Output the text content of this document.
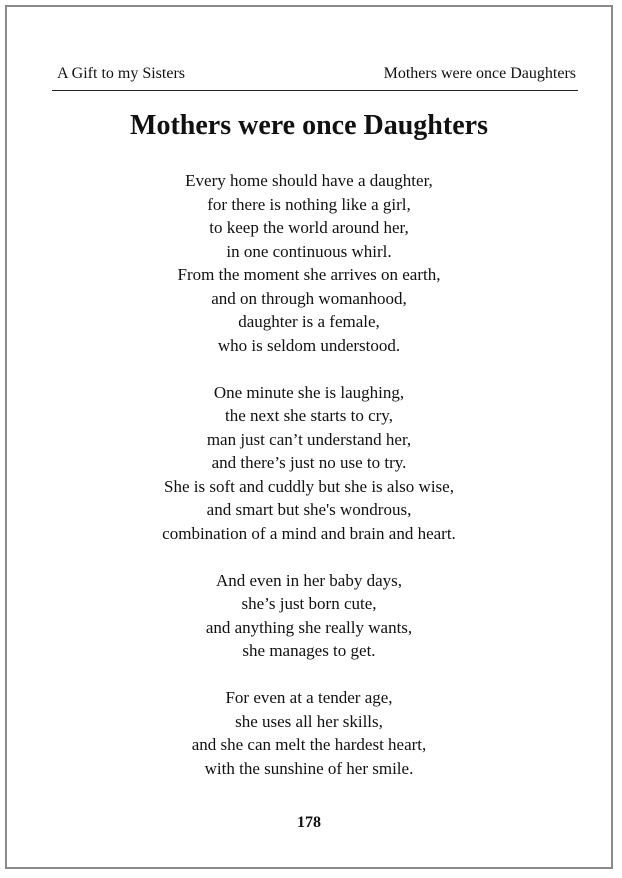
A Gift to my Sisters	Mothers were once Daughters
Mothers were once Daughters
Every home should have a daughter,
for there is nothing like a girl,
to keep the world around her,
in one continuous whirl.
From the moment she arrives on earth,
and on through womanhood,
daughter is a female,
who is seldom understood.
One minute she is laughing,
the next she starts to cry,
man just can’t understand her,
and there’s just no use to try.
She is soft and cuddly but she is also wise,
and smart but she's wondrous,
combination of a mind and brain and heart.
And even in her baby days,
she’s just born cute,
and anything she really wants,
she manages to get.
For even at a tender age,
she uses all her skills,
and she can melt the hardest heart,
with the sunshine of her smile.
178
